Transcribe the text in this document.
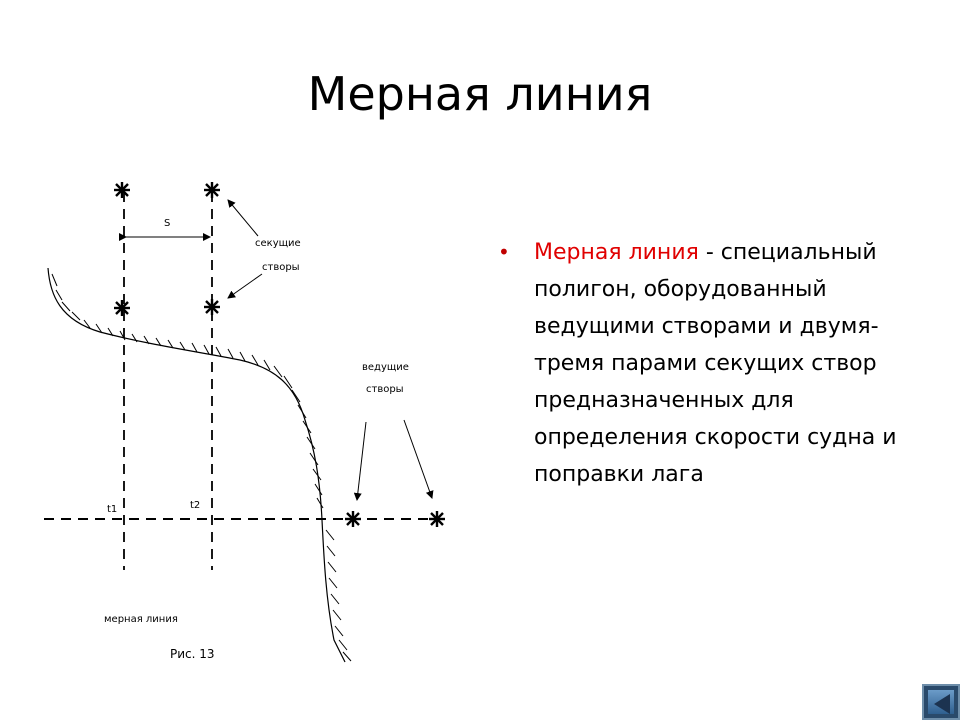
Мерная линия
S
секущие
створы
ведущие
створы
t1	t2
мерная линия
Рис. 13
• Мерная линия - специальный полигон, оборудованный ведущими створами и двумя-тремя парами секущих створ предназначенных для определения скорости судна и поправки лага
